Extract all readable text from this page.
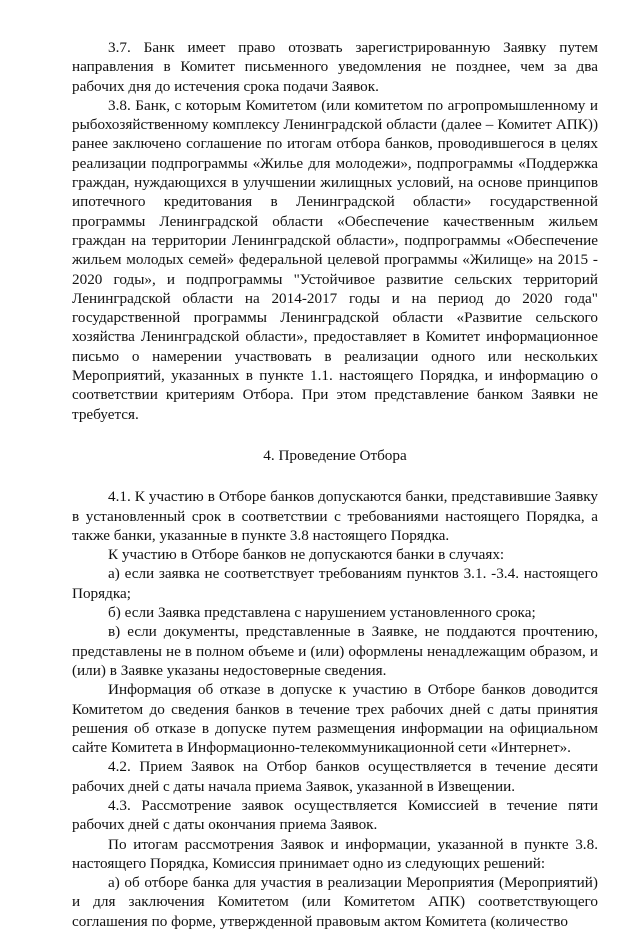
3.7. Банк имеет право отозвать зарегистрированную Заявку путем направления в Комитет письменного уведомления не позднее, чем за два рабочих дня до истечения срока подачи Заявок.

3.8. Банк, с которым Комитетом (или комитетом по агропромышленному и рыбохозяйственному комплексу Ленинградской области (далее – Комитет АПК)) ранее заключено соглашение по итогам отбора банков, проводившегося в целях реализации подпрограммы «Жилье для молодежи», подпрограммы «Поддержка граждан, нуждающихся в улучшении жилищных условий, на основе принципов ипотечного кредитования в Ленинградской области» государственной программы Ленинградской области «Обеспечение качественным жильем граждан на территории Ленинградской области», подпрограммы «Обеспечение жильем молодых семей» федеральной целевой программы «Жилище» на 2015 - 2020 годы», и подпрограммы "Устойчивое развитие сельских территорий Ленинградской области на 2014-2017 годы и на период до 2020 года" государственной программы Ленинградской области «Развитие сельского хозяйства Ленинградской области», предоставляет в Комитет информационное письмо о намерении участвовать в реализации одного или нескольких Мероприятий, указанных в пункте 1.1. настоящего Порядка, и информацию о соответствии критериям Отбора. При этом представление банком Заявки не требуется.

4. Проведение Отбора

4.1. К участию в Отборе банков допускаются банки, представившие Заявку в установленный срок в соответствии с требованиями настоящего Порядка, а также банки, указанные в пункте 3.8 настоящего Порядка.

К участию в Отборе банков не допускаются банки в случаях:

а) если заявка не соответствует требованиям пунктов 3.1. -3.4. настоящего Порядка;

б) если Заявка представлена с нарушением установленного срока;

в) если документы, представленные в Заявке, не поддаются прочтению, представлены не в полном объеме и (или) оформлены ненадлежащим образом, и (или) в Заявке указаны недостоверные сведения.

Информация об отказе в допуске к участию в Отборе банков доводится Комитетом до сведения банков в течение трех рабочих дней с даты принятия решения об отказе в допуске путем размещения информации на официальном сайте Комитета в Информационно-телекоммуникационной сети «Интернет».

4.2. Прием Заявок на Отбор банков осуществляется в течение десяти рабочих дней с даты начала приема Заявок, указанной в Извещении.

4.3. Рассмотрение заявок осуществляется Комиссией в течение пяти рабочих дней с даты окончания приема Заявок.

По итогам рассмотрения Заявок и информации, указанной в пункте 3.8. настоящего Порядка, Комиссия принимает одно из следующих решений:

а) об отборе банка для участия в реализации Мероприятия (Мероприятий) и для заключения Комитетом (или Комитетом АПК) соответствующего соглашения по форме, утвержденной правовым актом Комитета (количество
